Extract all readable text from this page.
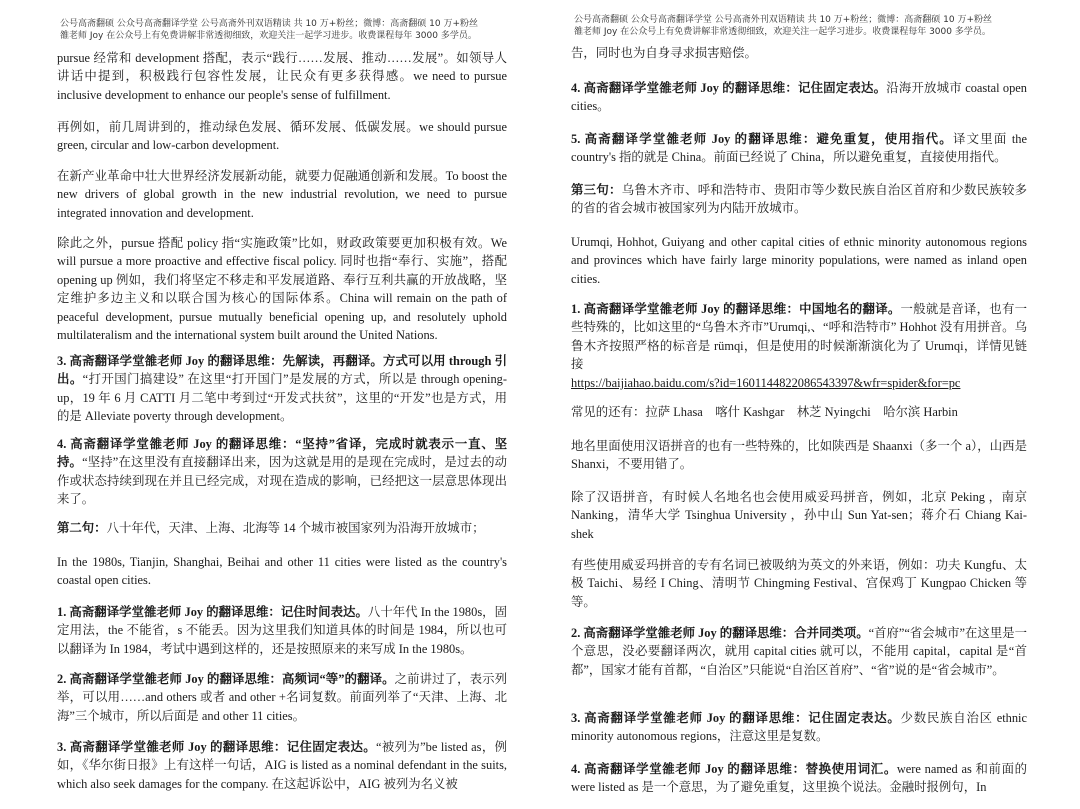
公号高斋翻硕 公众号高斋翻译学堂 公号高斋外刊双语精读 共 10 万+粉丝；微博：高斋翻硕 10 万+粉丝
雒老师 Joy 在公众号上有免费讲解非常透彻细致，欢迎关注一起学习进步。收费课程每年 3000 多学员。

pursue 经常和 development 搭配，表示“践行……发展、推动……发展”。如领导人讲话中提到，积极践行包容性发展，让民众有更多获得感。we need to pursue inclusive development to enhance our people's sense of fulfillment.

再例如，前几周讲到的，推动绿色发展、循环发展、低碳发展。we should pursue green, circular and low-carbon development.

在新产业革命中壮大世界经济发展新动能，就要力促融通创新和发展。To boost the new drivers of global growth in the new industrial revolution, we need to pursue integrated innovation and development.

除此之外，pursue 搭配 policy 指“实施政策”比如，财政政策要更加积极有效。We will pursue a more proactive and effective fiscal policy. 同时也指“奉行、实施”，搭配 opening up 例如，我们将坚定不移走和平发展道路、奉行互利共赢的开放战略，坚定维护多边主义和以联合国为核心的国际体系。China will remain on the path of peaceful development, pursue mutually beneficial opening up, and resolutely uphold multilateralism and the international system built around the United Nations.

3. 高斋翻译学堂雒老师 Joy 的翻译思维：先解读，再翻译。方式可以用 through 引出。“打开国门搞建设” 在这里“打开国门”是发展的方式，所以是 through opening-up，19 年 6 月 CATTI 月二笔中考到过“开发式扶贫”，这里的“开发”也是方式，用的是 Alleviate poverty through development。

4. 高斋翻译学堂雒老师 Joy 的翻译思维：“坚持”省译，完成时就表示一直、坚持。“坚持”在这里没有直接翻译出来，因为这就是用的是现在完成时，是过去的动作或状态持续到现在并且已经完成，对现在造成的影响，已经把这一层意思体现出来了。

第二句：八十年代，天津、上海、北海等 14 个城市被国家列为沿海开放城市；

In the 1980s, Tianjin, Shanghai, Beihai and other 11 cities were listed as the country's coastal open cities.

1. 高斋翻译学堂雒老师 Joy 的翻译思维：记住时间表达。八十年代 In the 1980s，固定用法，the 不能省，s 不能丢。因为这里我们知道具体的时间是 1984，所以也可以翻译为 In 1984，考试中遇到这样的，还是按照原来的来写成 In the 1980s。

2. 高斋翻译学堂雒老师 Joy 的翻译思维：高频词“等”的翻译。之前讲过了，表示列举，可以用……and others 或者 and other +名词复数。前面列举了“天津、上海、北海”三个城市，所以后面是 and other 11 cities。

3. 高斋翻译学堂雒老师 Joy 的翻译思维：记住固定表达。“被列为”be listed as，例如，《华尔街日报》上有这样一句话，AIG is listed as a nominal defendant in the suits, which also seek damages for the company. 在这起诉讼中，AIG 被列为名义被

公号高斋翻硕 公众号高斋翻译学堂 公号高斋外刊双语精读 共 10 万+粉丝；微博：高斋翻硕 10 万+粉丝
雒老师 Joy 在公众号上有免费讲解非常透彻细致，欢迎关注一起学习进步。收费课程每年 3000 多学员。

告，同时也为自身寻求损害赔偿。

4. 高斋翻译学堂雒老师 Joy 的翻译思维：记住固定表达。沿海开放城市 coastal open cities。

5. 高斋翻译学堂雒老师 Joy 的翻译思维：避免重复，使用指代。译文里面 the country's 指的就是 China。前面已经说了 China，所以避免重复，直接使用指代。

第三句：乌鲁木齐市、呼和浩特市、贵阳市等少数民族自治区首府和少数民族较多的省的省会城市被国家列为内陆开放城市。

Urumqi, Hohhot, Guiyang and other capital cities of ethnic minority autonomous regions and provinces which have fairly large minority populations, were named as inland open cities.

1. 高斋翻译学堂雒老师 Joy 的翻译思维：中国地名的翻译。一般就是音译，也有一些特殊的，比如这里的“乌鲁木齐市”Urumqi,、“呼和浩特市” Hohhot 没有用拼音。乌鲁木齐按照严格的标音是 rümqi，但是使用的时候渐渐演化为了 Urumqi，详情见链接
https://baijiahao.baidu.com/s?id=1601144822086543397&wfr=spider&for=pc

常见的还有：拉萨 Lhasa　喀什 Kashgar　林芝 Nyingchi　哈尔滨 Harbin

地名里面使用汉语拼音的也有一些特殊的，比如陕西是 Shaanxi（多一个 a），山西是 Shanxi，不要用错了。

除了汉语拼音，有时候人名地名也会使用威妥玛拼音，例如，北京 Peking ，南京 Nanking，清华大学 Tsinghua University ，孙中山 Sun Yat-sen；蒋介石 Chiang Kai-shek

有些使用威妥玛拼音的专有名词已被吸纳为英文的外来语，例如：功夫 Kungfu、太极 Taichi、易经 I Ching、清明节 Chingming Festival、宫保鸡丁 Kungpao Chicken 等等。

2. 高斋翻译学堂雒老师 Joy 的翻译思维：合并同类项。“首府”“省会城市”在这里是一个意思，没必要翻译两次，就用 capital cities 就可以，不能用 capital，capital 是“首都”，国家才能有首都，“自治区”只能说“自治区首府”、“省”说的是“省会城市”。

3. 高斋翻译学堂雒老师 Joy 的翻译思维：记住固定表达。少数民族自治区 ethnic minority autonomous regions，注意这里是复数。

4. 高斋翻译学堂雒老师 Joy 的翻译思维：替换使用词汇。were named as 和前面的 were listed as 是一个意思，为了避免重复，这里换个说法。金融时报例句，In
